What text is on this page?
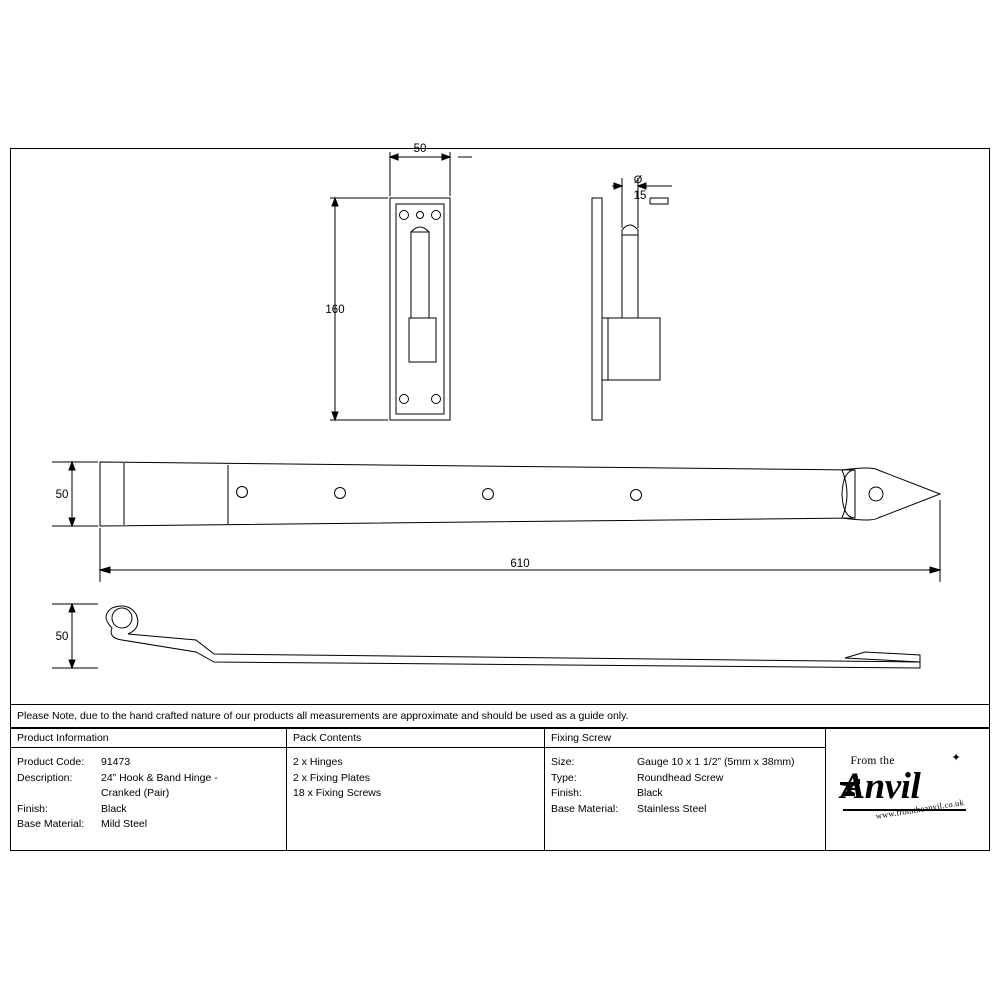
50
160
Ø
15
50
610
50
Please Note, due to the hand crafted nature of our products all measurements are approximate and should be used as a guide only.
Product Information
Product Code:	91473
Description:	24” Hook & Band Hinge -
Cranked (Pair)
Finish:	Black
Base Material:	Mild Steel
Pack Contents
2 x Hinges
2 x Fixing Plates
18 x Fixing Screws
Fixing Screw
Size:	Gauge 10 x 1 1/2” (5mm x 38mm)
Type:	Roundhead Screw
Finish:	Black
Base Material:	Stainless Steel
From the	✦
Anvil
www.fromtheanvil.co.uk
